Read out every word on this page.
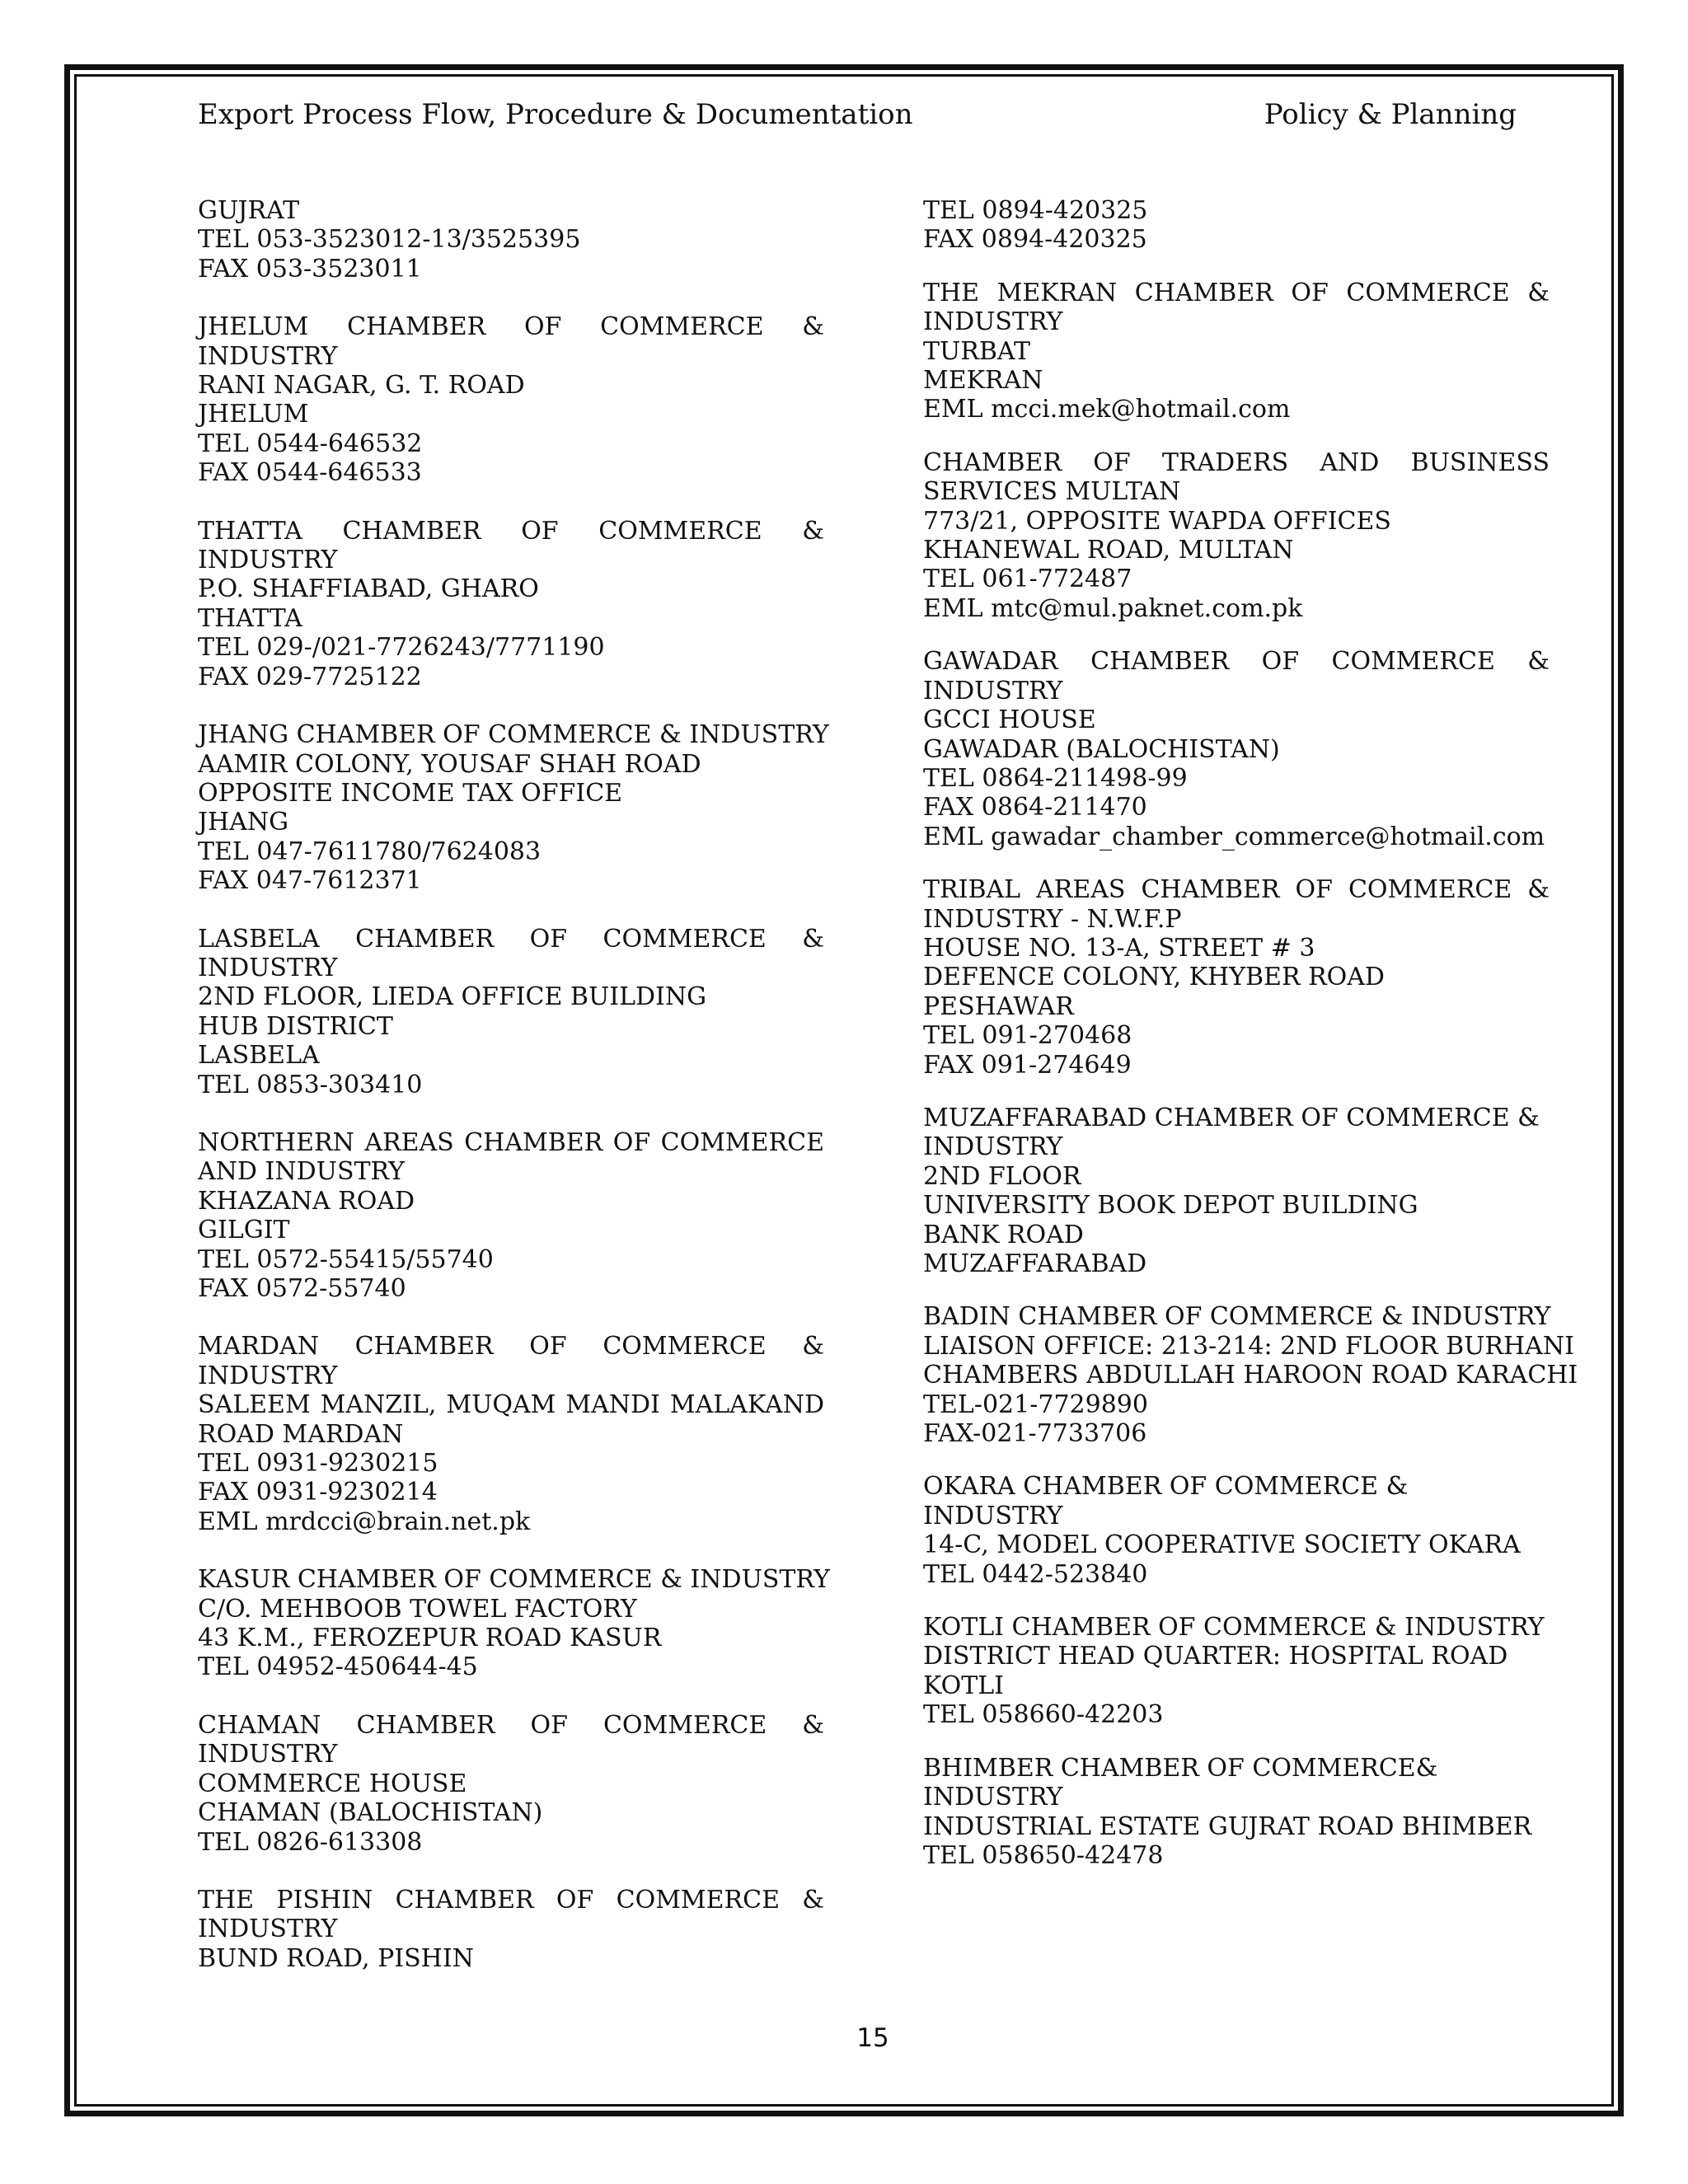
Export Process Flow, Procedure & Documentation	Policy & Planning
GUJRAT
TEL 053-3523012-13/3525395
FAX 053-3523011
JHELUM CHAMBER OF COMMERCE &
INDUSTRY
RANI NAGAR, G. T. ROAD
JHELUM
TEL 0544-646532
FAX 0544-646533
THATTA CHAMBER OF COMMERCE &
INDUSTRY
P.O. SHAFFIABAD, GHARO
THATTA
TEL 029-/021-7726243/7771190
FAX 029-7725122
JHANG CHAMBER OF COMMERCE & INDUSTRY
AAMIR COLONY, YOUSAF SHAH ROAD
OPPOSITE INCOME TAX OFFICE
JHANG
TEL 047-7611780/7624083
FAX 047-7612371
LASBELA CHAMBER OF COMMERCE &
INDUSTRY
2ND FLOOR, LIEDA OFFICE BUILDING
HUB DISTRICT
LASBELA
TEL 0853-303410
NORTHERN AREAS CHAMBER OF COMMERCE
AND INDUSTRY
KHAZANA ROAD
GILGIT
TEL 0572-55415/55740
FAX 0572-55740
MARDAN CHAMBER OF COMMERCE &
INDUSTRY
SALEEM MANZIL, MUQAM MANDI MALAKAND
ROAD MARDAN
TEL 0931-9230215
FAX 0931-9230214
EML mrdcci@brain.net.pk
KASUR CHAMBER OF COMMERCE & INDUSTRY
C/O. MEHBOOB TOWEL FACTORY
43 K.M., FEROZEPUR ROAD KASUR
TEL 04952-450644-45
CHAMAN CHAMBER OF COMMERCE &
INDUSTRY
COMMERCE HOUSE
CHAMAN (BALOCHISTAN)
TEL 0826-613308
THE PISHIN CHAMBER OF COMMERCE &
INDUSTRY
BUND ROAD, PISHIN
TEL 0894-420325
FAX 0894-420325
THE MEKRAN CHAMBER OF COMMERCE &
INDUSTRY
TURBAT
MEKRAN
EML mcci.mek@hotmail.com
CHAMBER OF TRADERS AND BUSINESS
SERVICES MULTAN
773/21, OPPOSITE WAPDA OFFICES
KHANEWAL ROAD, MULTAN
TEL 061-772487
EML mtc@mul.paknet.com.pk
GAWADAR CHAMBER OF COMMERCE &
INDUSTRY
GCCI HOUSE
GAWADAR (BALOCHISTAN)
TEL 0864-211498-99
FAX 0864-211470
EML gawadar_chamber_commerce@hotmail.com
TRIBAL AREAS CHAMBER OF COMMERCE &
INDUSTRY - N.W.F.P
HOUSE NO. 13-A, STREET # 3
DEFENCE COLONY, KHYBER ROAD
PESHAWAR
TEL 091-270468
FAX 091-274649
MUZAFFARABAD CHAMBER OF COMMERCE &
INDUSTRY
2ND FLOOR
UNIVERSITY BOOK DEPOT BUILDING
BANK ROAD
MUZAFFARABAD
BADIN CHAMBER OF COMMERCE & INDUSTRY
LIAISON OFFICE: 213-214: 2ND FLOOR BURHANI
CHAMBERS ABDULLAH HAROON ROAD KARACHI
TEL-021-7729890
FAX-021-7733706
OKARA CHAMBER OF COMMERCE &
INDUSTRY
14-C, MODEL COOPERATIVE SOCIETY OKARA
TEL 0442-523840
KOTLI CHAMBER OF COMMERCE & INDUSTRY
DISTRICT HEAD QUARTER: HOSPITAL ROAD
KOTLI
TEL 058660-42203
BHIMBER CHAMBER OF COMMERCE&
INDUSTRY
INDUSTRIAL ESTATE GUJRAT ROAD BHIMBER
TEL 058650-42478
15
